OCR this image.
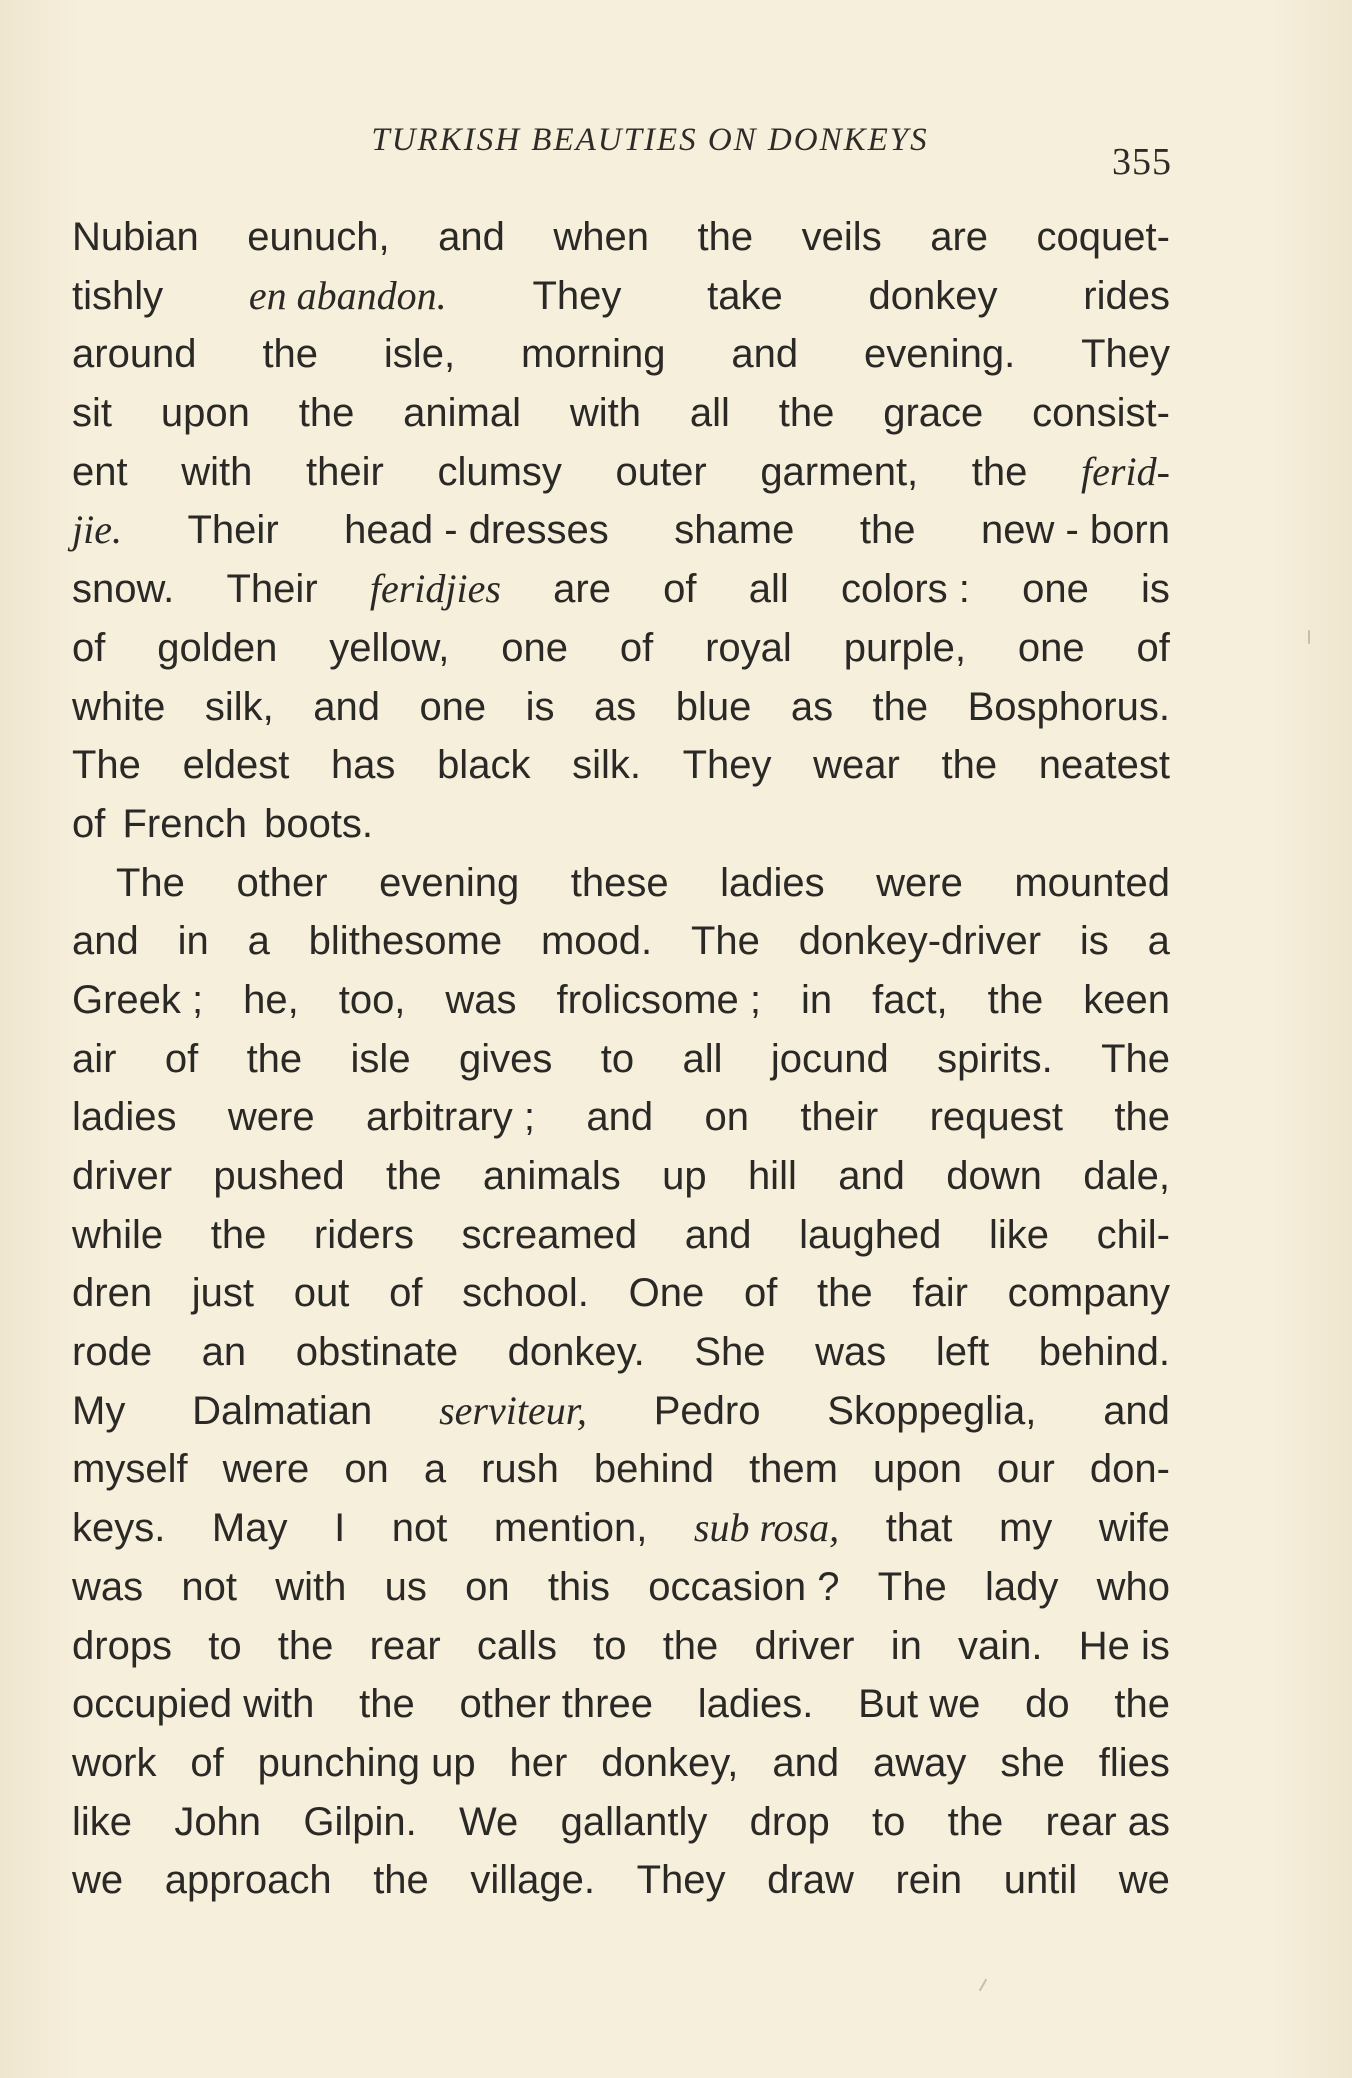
TURKISH BEAUTIES ON DONKEYS
355
Nubian eunuch, and when the veils are coquet-
tishly en abandon. They take donkey rides
around the isle, morning and evening. They
sit upon the animal with all the grace consist-
ent with their clumsy outer garment, the ferid-
jie. Their head - dresses shame the new - born
snow. Their feridjies are of all colors : one is
of golden yellow, one of royal purple, one of
white silk, and one is as blue as the Bosphorus.
The eldest has black silk. They wear the neatest
of French boots.
The other evening these ladies were mounted
and in a blithesome mood. The donkey-driver is a
Greek ; he, too, was frolicsome ; in fact, the keen
air of the isle gives to all jocund spirits. The
ladies were arbitrary ; and on their request the
driver pushed the animals up hill and down dale,
while the riders screamed and laughed like chil-
dren just out of school. One of the fair company
rode an obstinate donkey. She was left behind.
My Dalmatian serviteur, Pedro Skoppeglia, and
myself were on a rush behind them upon our don-
keys. May I not mention, sub rosa, that my wife
was not with us on this occasion ? The lady who
drops to the rear calls to the driver in vain. He is
occupied with the other three ladies. But we do the
work of punching up her donkey, and away she flies
like John Gilpin. We gallantly drop to the rear as
we approach the village. They draw rein until we
